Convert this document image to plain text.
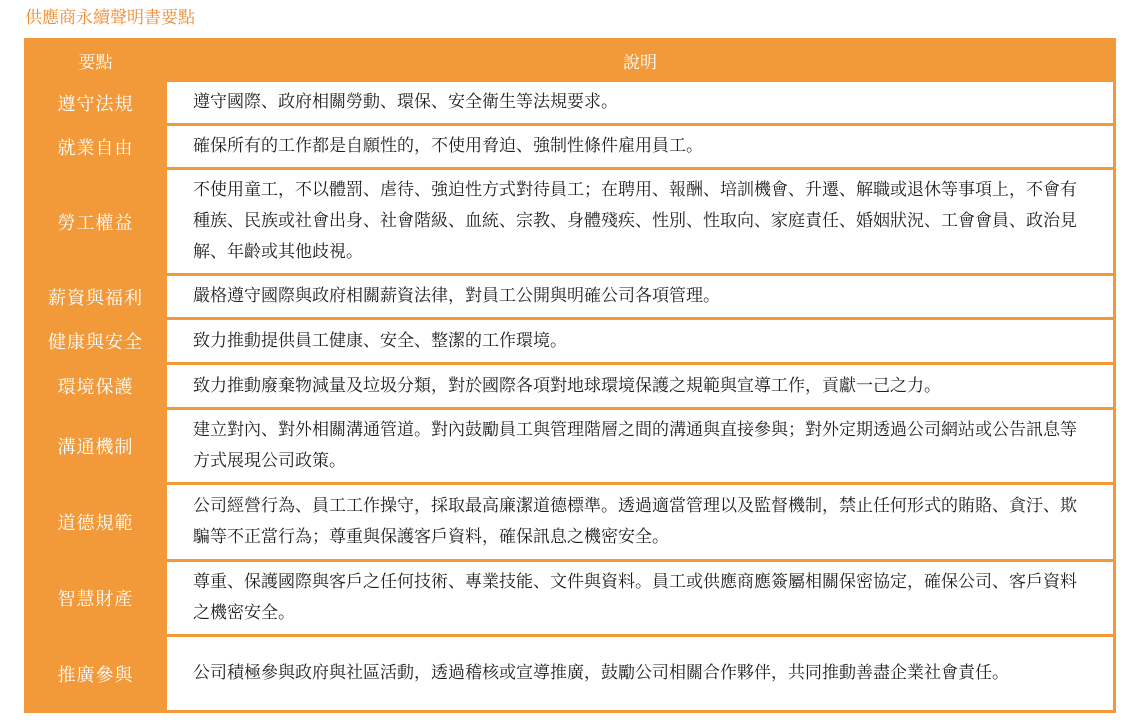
供應商永續聲明書要點
要點	說明
遵守法規	遵守國際、政府相關勞動、環保、安全衛生等法規要求。
就業自由	確保所有的工作都是自願性的，不使用脅迫、強制性條件雇用員工。
勞工權益	不使用童工，不以體罰、虐待、強迫性方式對待員工；在聘用、報酬、培訓機會、升遷、解職或退休等事項上，不會有種族、民族或社會出身、社會階級、血統、宗教、身體殘疾、性別、性取向、家庭責任、婚姻狀況、工會會員、政治見解、年齡或其他歧視。
薪資與福利	嚴格遵守國際與政府相關薪資法律，對員工公開與明確公司各項管理。
健康與安全	致力推動提供員工健康、安全、整潔的工作環境。
環境保護	致力推動廢棄物減量及垃圾分類，對於國際各項對地球環境保護之規範與宣導工作，貢獻一己之力。
溝通機制	建立對內、對外相關溝通管道。對內鼓勵員工與管理階層之間的溝通與直接參與；對外定期透過公司網站或公告訊息等方式展現公司政策。
道德規範	公司經營行為、員工工作操守，採取最高廉潔道德標準。透過適當管理以及監督機制，禁止任何形式的賄賂、貪汙、欺騙等不正當行為；尊重與保護客戶資料，確保訊息之機密安全。
智慧財產	尊重、保護國際與客戶之任何技術、專業技能、文件與資料。員工或供應商應簽屬相關保密協定，確保公司、客戶資料之機密安全。
推廣參與	公司積極參與政府與社區活動，透過稽核或宣導推廣，鼓勵公司相關合作夥伴，共同推動善盡企業社會責任。
